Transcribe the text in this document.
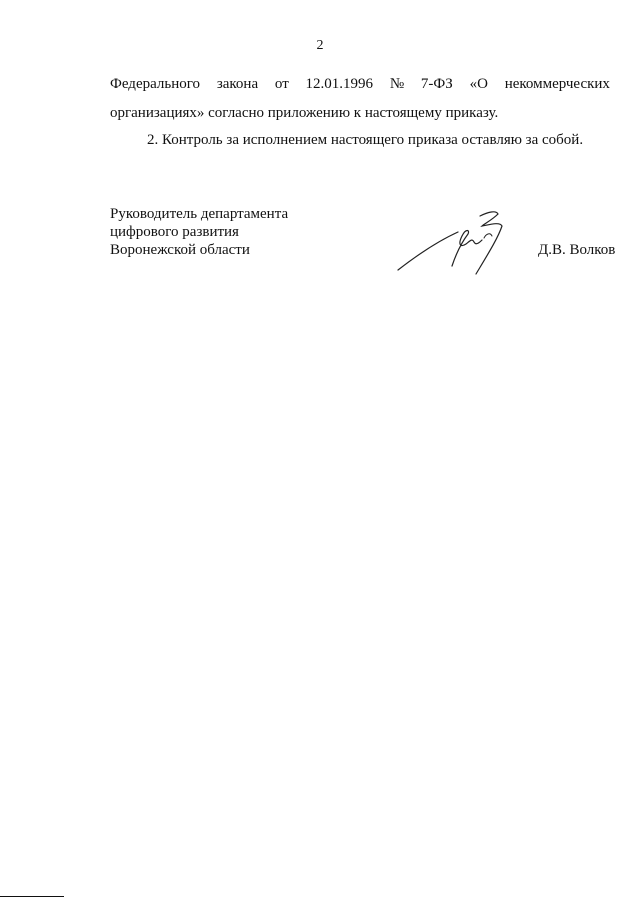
2
Федерального закона от 12.01.1996 № 7-ФЗ «О некоммерческих
организациях» согласно приложению к настоящему приказу.
2. Контроль за исполнением настоящего приказа оставляю за собой.
Руководитель департамента
цифрового развития
Воронежской области	Д.В. Волков
